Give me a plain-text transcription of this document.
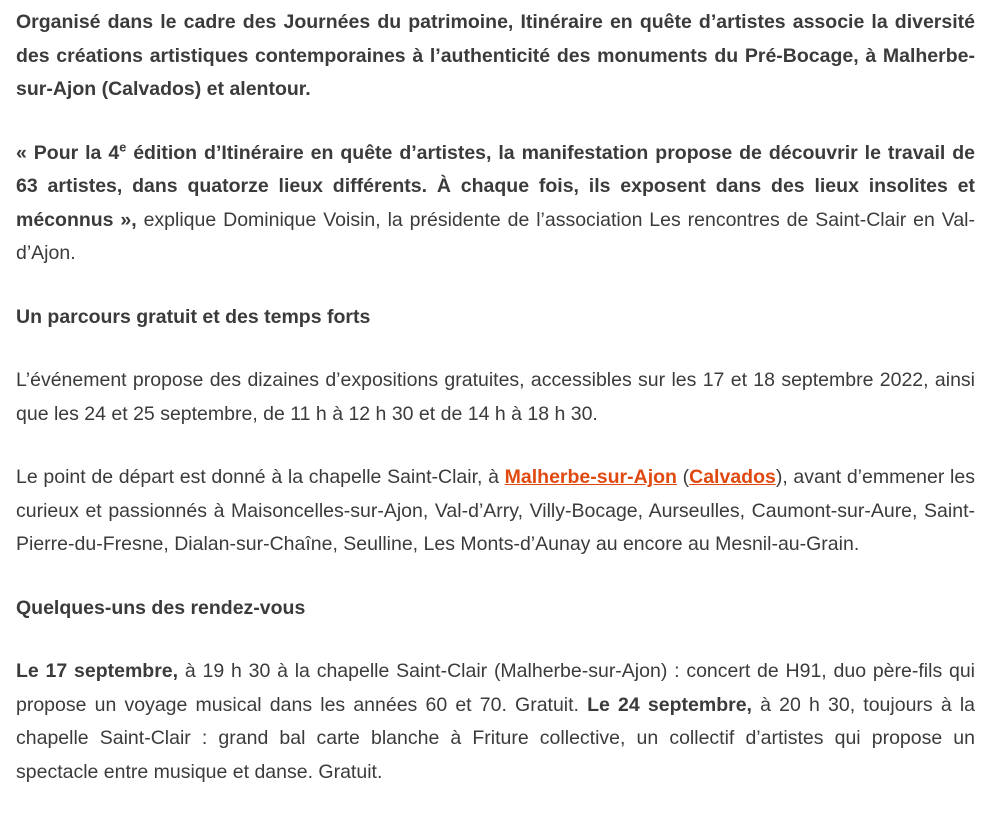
Organisé dans le cadre des Journées du patrimoine, Itinéraire en quête d’artistes associe la diversité des créations artistiques contemporaines à l’authenticité des monuments du Pré-Bocage, à Malherbe-sur-Ajon (Calvados) et alentour.

« Pour la 4e édition d’Itinéraire en quête d’artistes, la manifestation propose de découvrir le travail de 63 artistes, dans quatorze lieux différents. À chaque fois, ils exposent dans des lieux insolites et méconnus », explique Dominique Voisin, la présidente de l’association Les rencontres de Saint-Clair en Val-d’Ajon.

Un parcours gratuit et des temps forts

L’événement propose des dizaines d’expositions gratuites, accessibles sur les 17 et 18 septembre 2022, ainsi que les 24 et 25 septembre, de 11 h à 12 h 30 et de 14 h à 18 h 30.

Le point de départ est donné à la chapelle Saint-Clair, à Malherbe-sur-Ajon (Calvados), avant d’emmener les curieux et passionnés à Maisoncelles-sur-Ajon, Val-d’Arry, Villy-Bocage, Aurseulles, Caumont-sur-Aure, Saint-Pierre-du-Fresne, Dialan-sur-Chaîne, Seulline, Les Monts-d’Aunay au encore au Mesnil-au-Grain.

Quelques-uns des rendez-vous

Le 17 septembre, à 19 h 30 à la chapelle Saint-Clair (Malherbe-sur-Ajon) : concert de H91, duo père-fils qui propose un voyage musical dans les années 60 et 70. Gratuit. Le 24 septembre, à 20 h 30, toujours à la chapelle Saint-Clair : grand bal carte blanche à Friture collective, un collectif d’artistes qui propose un spectacle entre musique et danse. Gratuit.
